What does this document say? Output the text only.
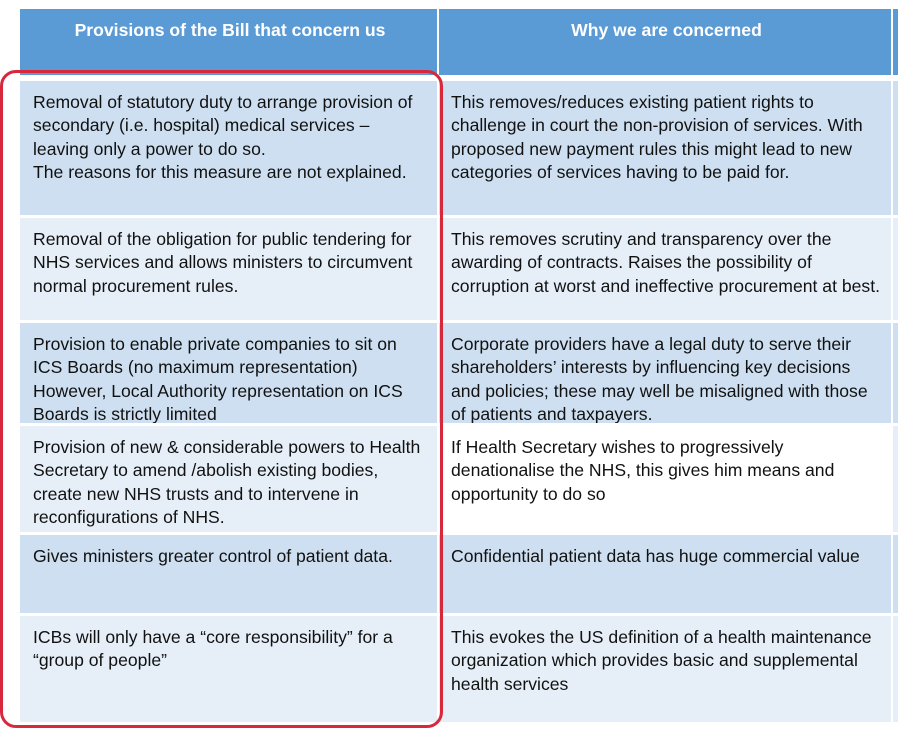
Provisions of the Bill that concern us	Why we are concerned

Removal of statutory duty to arrange provision of secondary (i.e. hospital) medical services – leaving only a power to do so.

The reasons for this measure are not explained.

This removes/reduces existing patient rights to challenge in court the non-provision of services. With proposed new payment rules this might lead to new categories of services having to be paid for.

Removal of the obligation for public tendering for NHS services and allows ministers to circumvent normal procurement rules.

This removes scrutiny and transparency over the awarding of contracts. Raises the possibility of corruption at worst and ineffective procurement at best.

Provision to enable private companies to sit on ICS Boards (no maximum representation) However, Local Authority representation on ICS Boards is strictly limited

Corporate providers have a legal duty to serve their shareholders’ interests by influencing key decisions and policies; these may well be misaligned with those of patients and taxpayers.

Provision of new & considerable powers to Health Secretary to amend /abolish existing bodies, create new NHS trusts and to intervene in reconfigurations of NHS.

If Health Secretary wishes to progressively denationalise the NHS, this gives him means and opportunity to do so

Gives ministers greater control of patient data.	Confidential patient data has huge commercial value

ICBs will only have a “core responsibility” for a “group of people”

This evokes the US definition of a health maintenance organization which provides basic and supplemental health services
